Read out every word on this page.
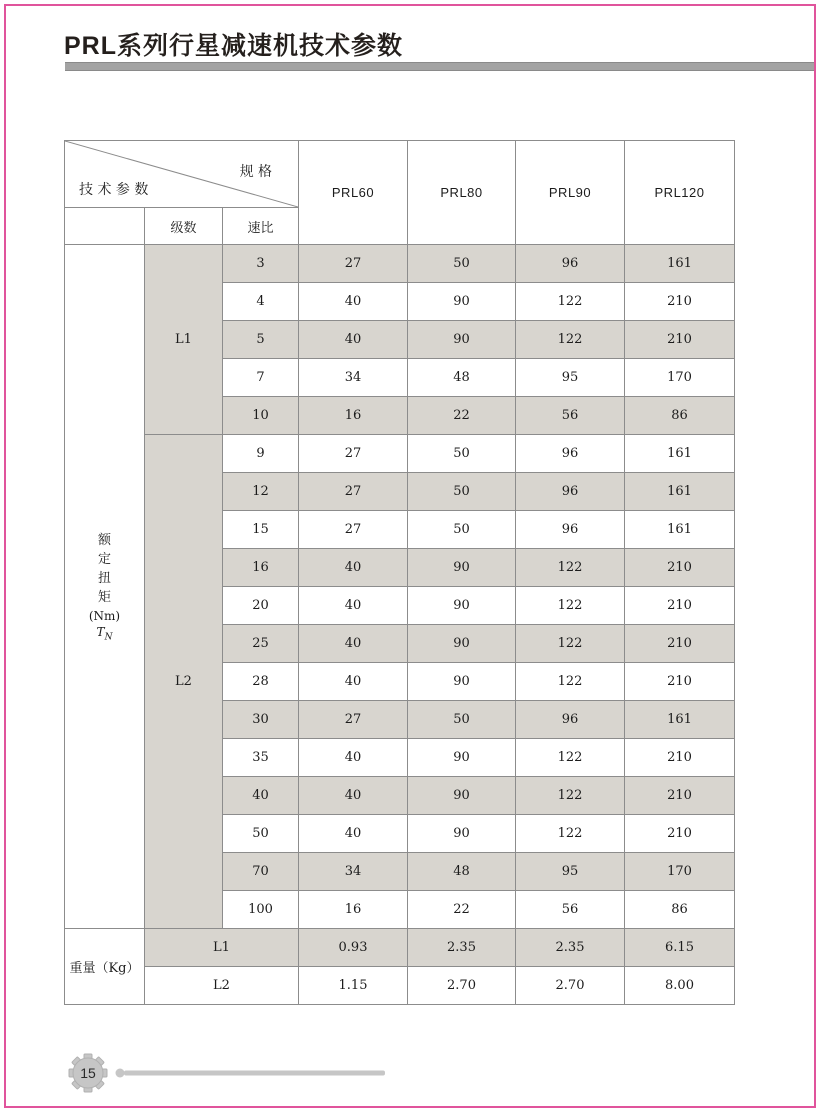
PRL系列行星减速机技术参数
规 格
技 术 参 数			PRL60	PRL80	PRL90	PRL120
	级数	速比				

额
定
扭
矩
(Nm)
$T_N$
	L1	3	27	50	96	161
		4	40	90	122	210
		5	40	90	122	210
		7	34	48	95	170
		10	16	22	56	86
	L2	9	27	50	96	161
		12	27	50	96	161
		15	27	50	96	161
		16	40	90	122	210
		20	40	90	122	210
		25	40	90	122	210
		28	40	90	122	210
		30	27	50	96	161
		35	40	90	122	210
		40	40	90	122	210
		50	40	90	122	210
		70	34	48	95	170
		100	16	22	56	86
重量（Kg）	L1		0.93	2.35	2.35	6.15
	L2		1.15	2.70	2.70	8.00
15
